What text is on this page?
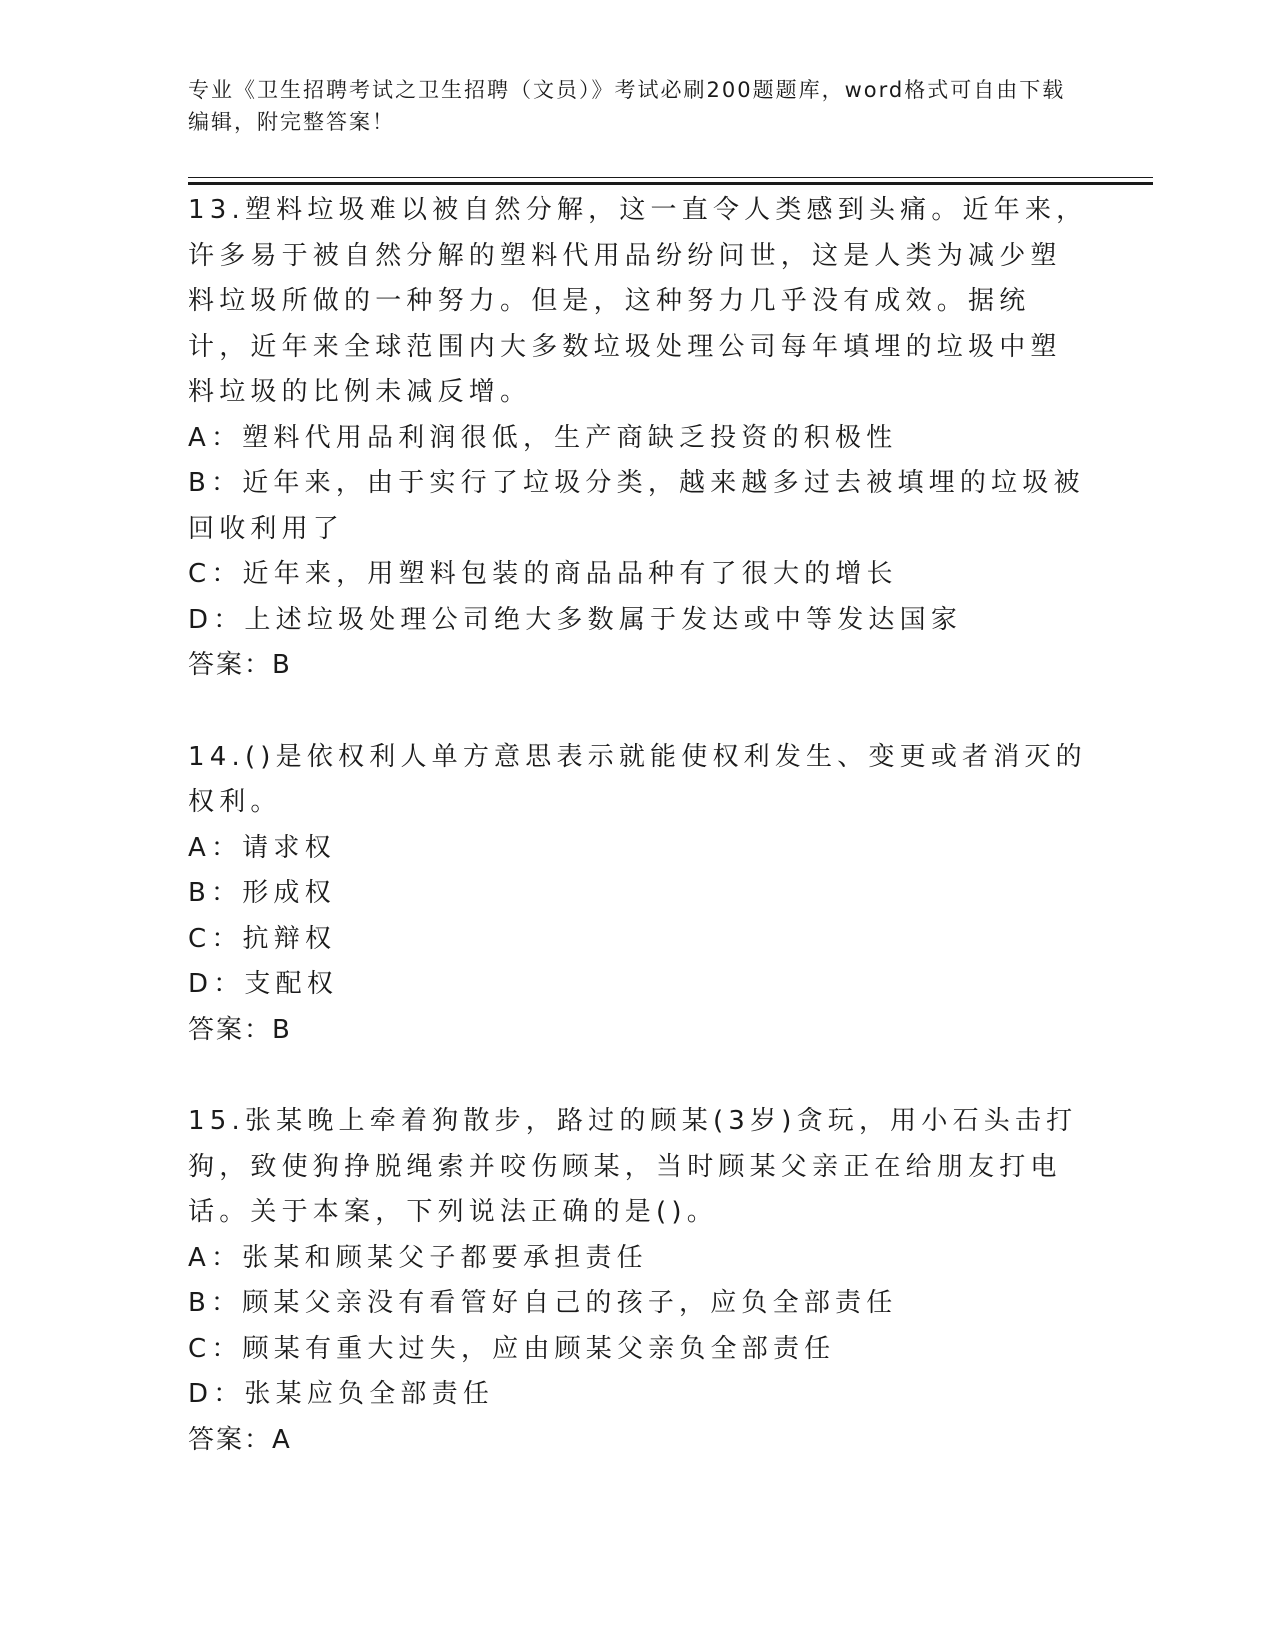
专业《卫生招聘考试之卫生招聘（文员）》考试必刷200题题库，word格式可自由下载编辑，附完整答案！

13.塑料垃圾难以被自然分解，这一直令人类感到头痛。近年来，许多易于被自然分解的塑料代用品纷纷问世，这是人类为减少塑料垃圾所做的一种努力。但是，这种努力几乎没有成效。据统计，近年来全球范围内大多数垃圾处理公司每年填埋的垃圾中塑料垃圾的比例未减反增。

A：塑料代用品利润很低，生产商缺乏投资的积极性

B：近年来，由于实行了垃圾分类，越来越多过去被填埋的垃圾被回收利用了

C：近年来，用塑料包装的商品品种有了很大的增长

D：上述垃圾处理公司绝大多数属于发达或中等发达国家

答案：B

14.()是依权利人单方意思表示就能使权利发生、变更或者消灭的权利。

A：请求权

B：形成权

C：抗辩权

D：支配权

答案：B

15.张某晚上牵着狗散步，路过的顾某(3岁)贪玩，用小石头击打狗，致使狗挣脱绳索并咬伤顾某，当时顾某父亲正在给朋友打电话。关于本案，下列说法正确的是()。

A：张某和顾某父子都要承担责任

B：顾某父亲没有看管好自己的孩子，应负全部责任

C：顾某有重大过失，应由顾某父亲负全部责任

D：张某应负全部责任

答案：A
